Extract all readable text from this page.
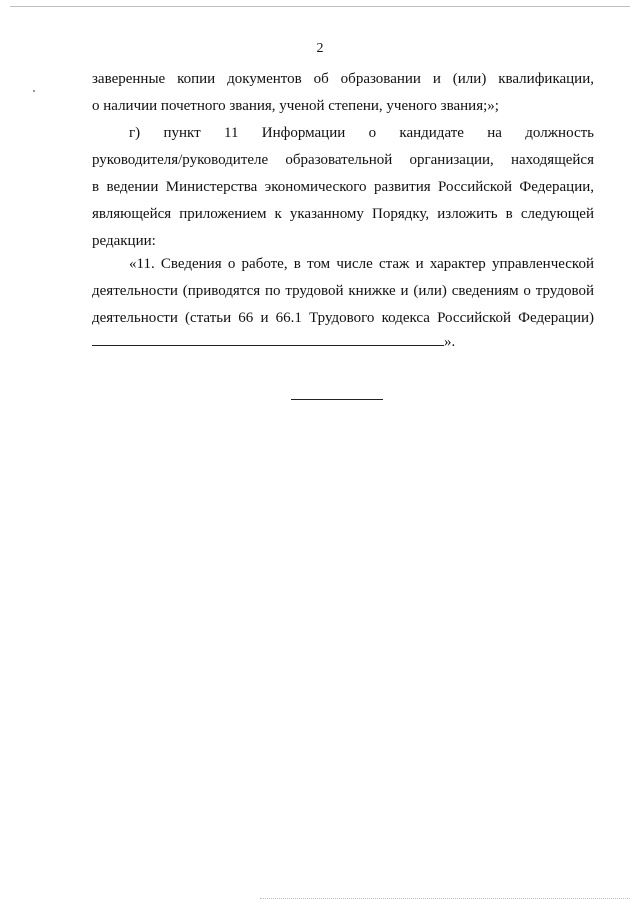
2
заверенные копии документов об образовании и (или) квалификации,
о наличии почетного звания, ученой степени, ученого звания;»;
г) пункт 11 Информации о кандидате на должность
руководителя/руководителе образовательной организации, находящейся
в ведении Министерства экономического развития Российской Федерации,
являющейся приложением к указанному Порядку, изложить в следующей
редакции:
«11. Сведения о работе, в том числе стаж и характер управленческой
деятельности (приводятся по трудовой книжке и (или) сведениям о трудовой
деятельности (статьи 66 и 66.1 Трудового кодекса Российской Федерации)
».
